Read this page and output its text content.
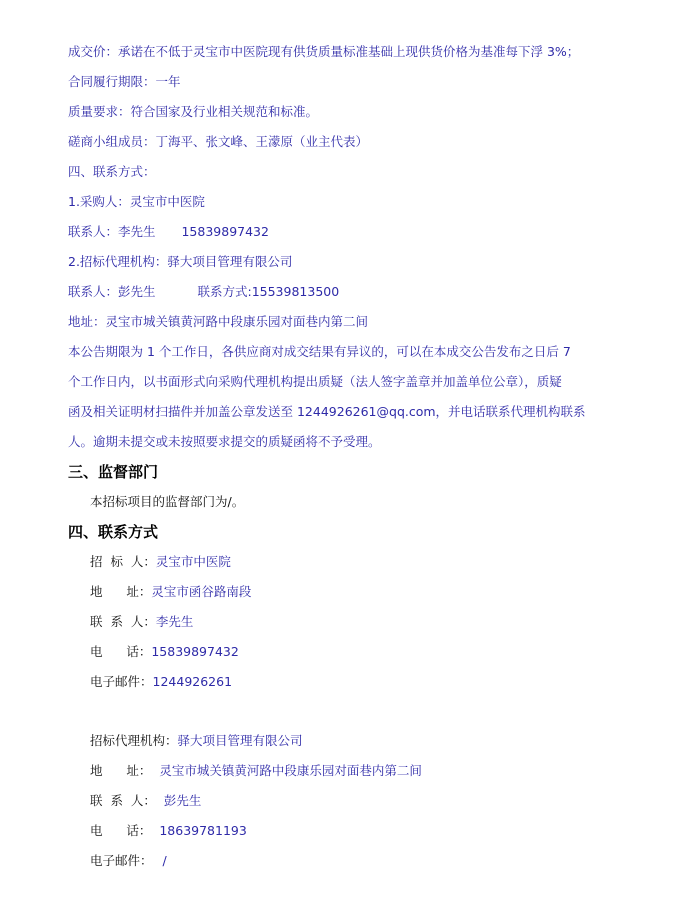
成交价：承诺在不低于灵宝市中医院现有供货质量标准基础上现供货价格为基准每下浮 3%；
合同履行期限：一年
质量要求：符合国家及行业相关规范和标准。
磋商小组成员：丁海平、张文峰、王濛原（业主代表）
四、联系方式：
1.采购人：灵宝市中医院
联系人：李先生 15839897432
2.招标代理机构：驿大项目管理有限公司
联系人：彭先生	联系方式:15539813500
地址：灵宝市城关镇黄河路中段康乐园对面巷内第二间
本公告期限为 1 个工作日，各供应商对成交结果有异议的，可以在本成交公告发布之日后 7
个工作日内，以书面形式向采购代理机构提出质疑（法人签字盖章并加盖单位公章），质疑
函及相关证明材扫描件并加盖公章发送至 1244926261@qq.com，并电话联系代理机构联系
人。逾期未提交或未按照要求提交的质疑函将不予受理。
三、监督部门
本招标项目的监督部门为/。
四、联系方式
招  标  人：灵宝市中医院
地      址：灵宝市函谷路南段
联  系  人：李先生
电      话：15839897432
电子邮件：1244926261
招标代理机构：驿大项目管理有限公司
地      址： 灵宝市城关镇黄河路中段康乐园对面巷内第二间
联  系  人： 彭先生
电      话： 18639781193
电子邮件： /
